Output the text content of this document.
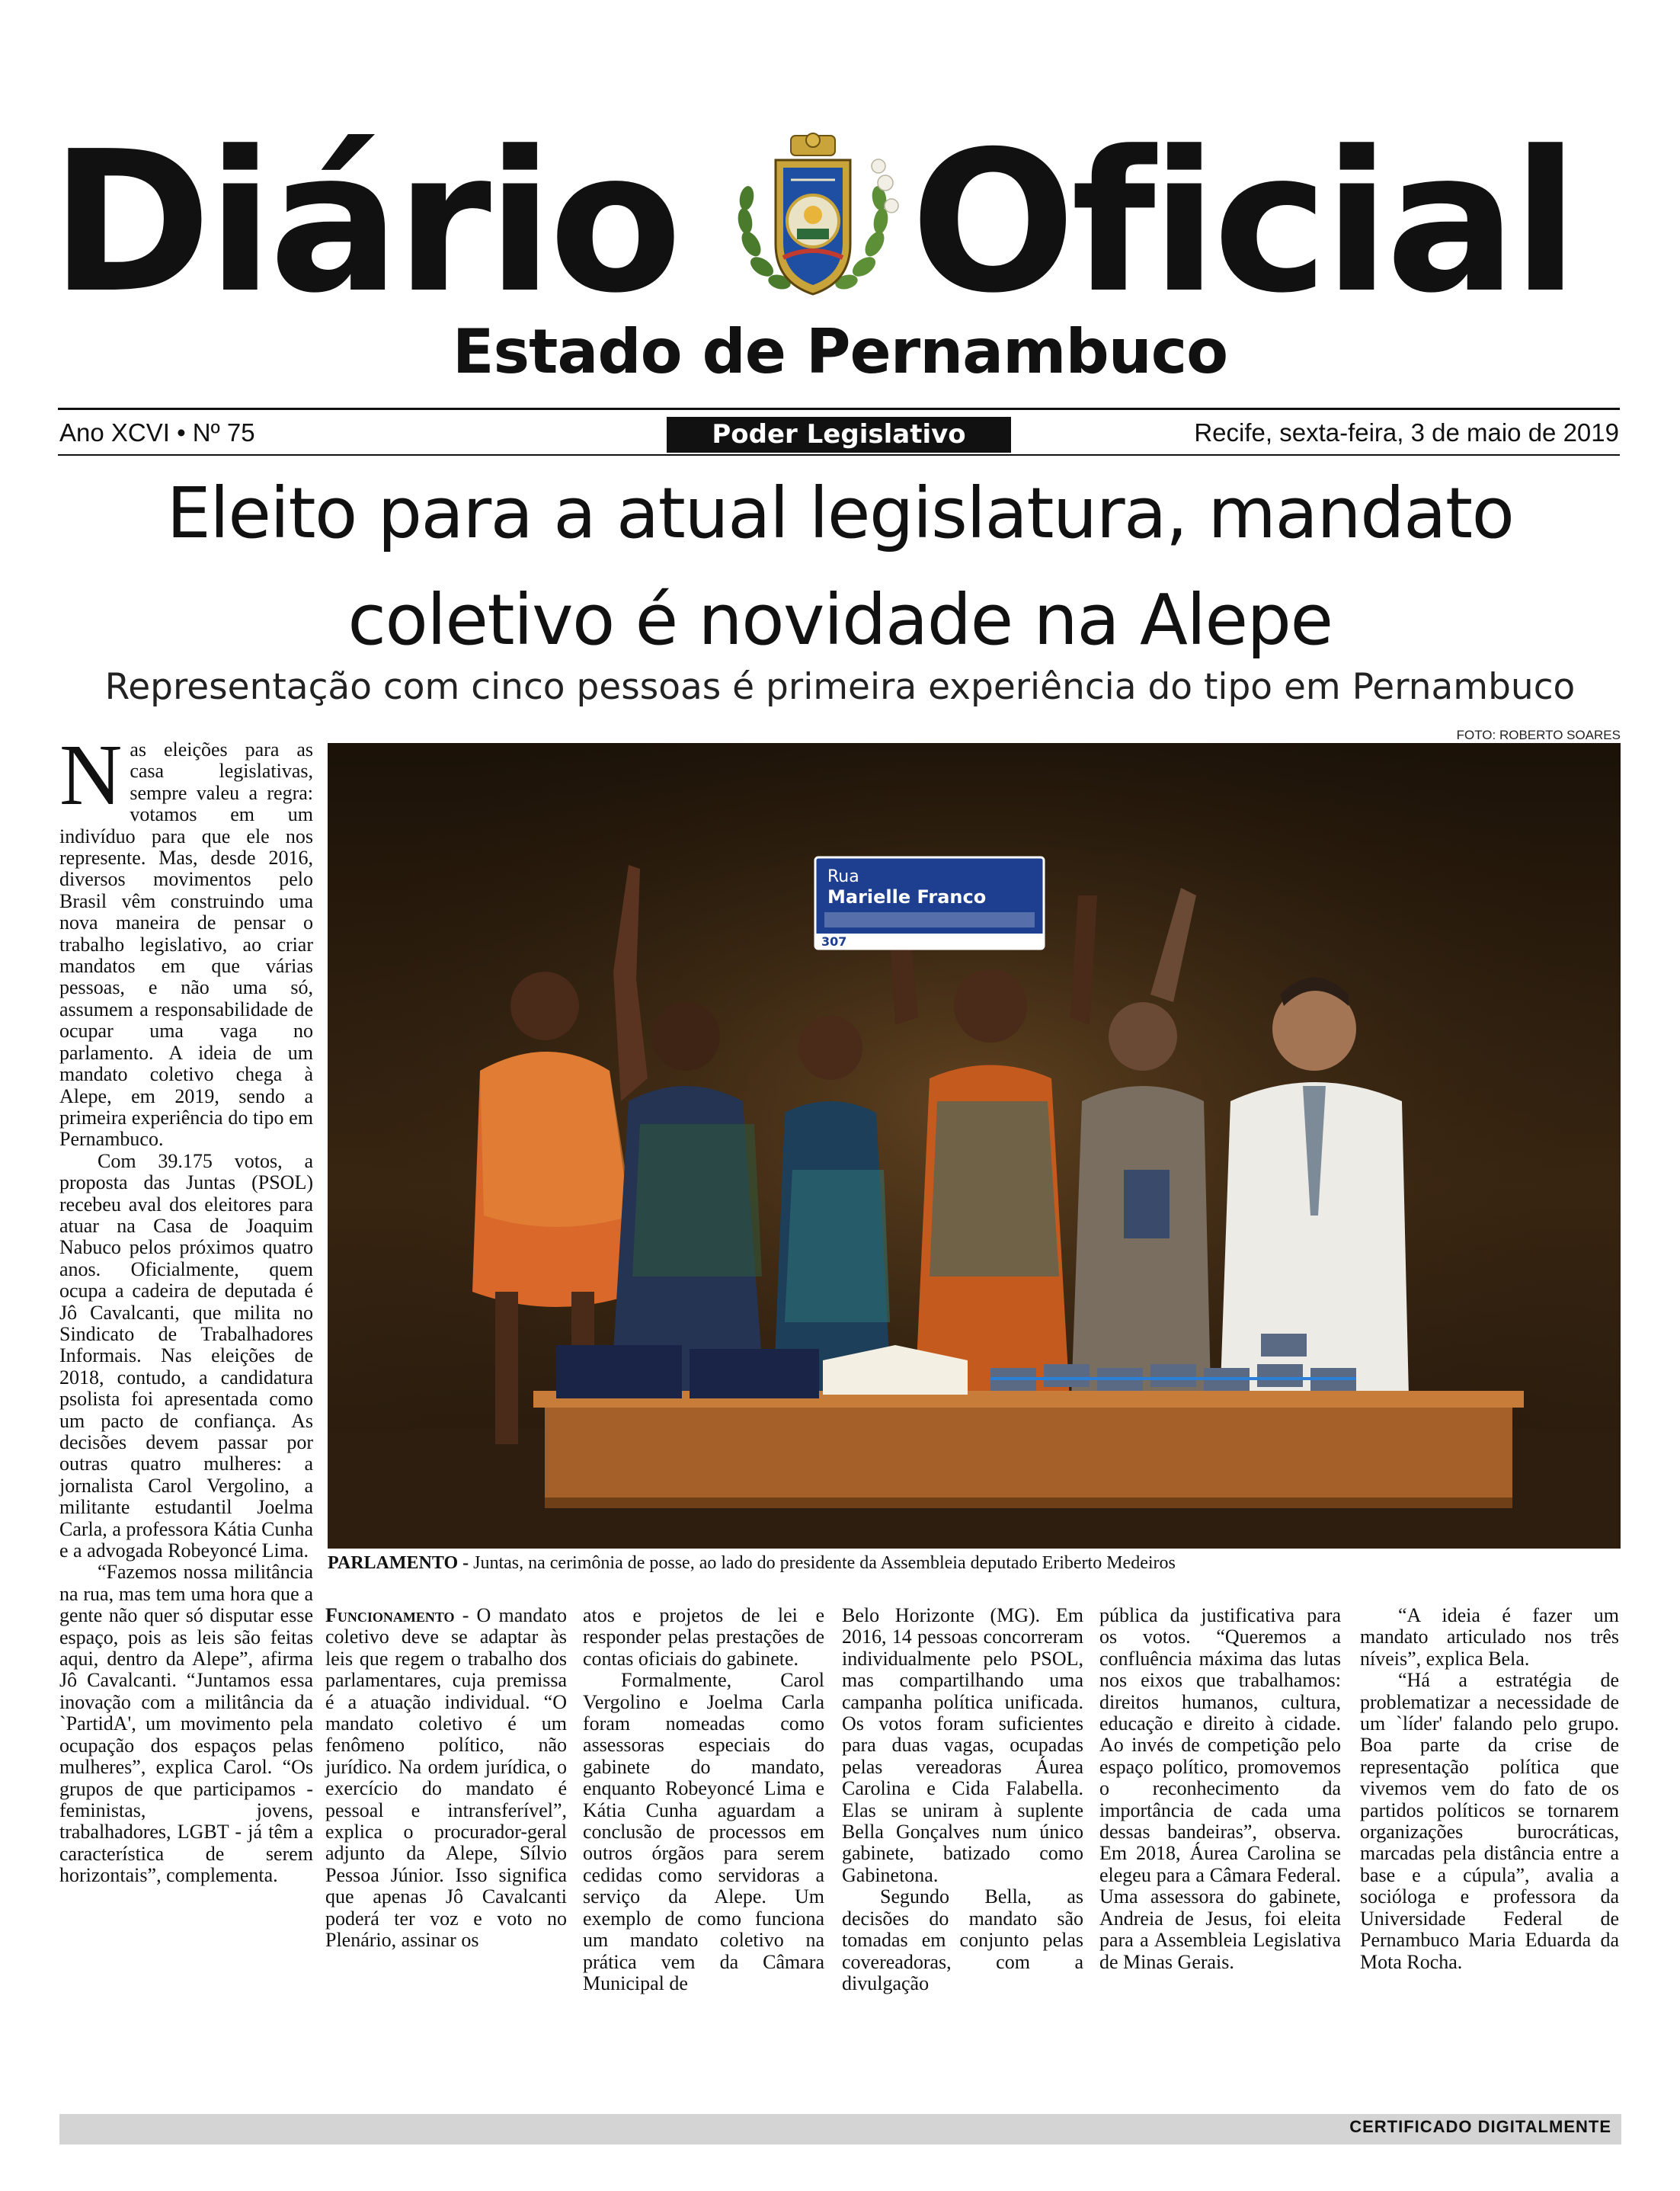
Diário Oficial
Estado de Pernambuco
Ano XCVI • Nº 75	Poder Legislativo	Recife, sexta-feira, 3 de maio de 2019
Eleito para a atual legislatura, mandato
coletivo é novidade na Alepe
Representação com cinco pessoas é primeira experiência do tipo em Pernambuco
FOTO: ROBERTO SOARES
Rua
Marielle Franco
307
PARLAMENTO - Juntas, na cerimônia de posse, ao lado do presidente da Assembleia deputado Eriberto Medeiros

Nas eleições para as casa legislativas, sempre valeu a regra: votamos em um indivíduo para que ele nos represente. Mas, desde 2016, diversos movimentos pelo Brasil vêm construindo uma nova maneira de pensar o trabalho legislativo, ao criar mandatos em que várias pessoas, e não uma só, assumem a responsabilidade de ocupar uma vaga no parlamento. A ideia de um mandato coletivo chega à Alepe, em 2019, sendo a primeira experiência do tipo em Pernambuco.

Com 39.175 votos, a proposta das Juntas (PSOL) recebeu aval dos eleitores para atuar na Casa de Joaquim Nabuco pelos próximos quatro anos. Oficialmente, quem ocupa a cadeira de deputada é Jô Cavalcanti, que milita no Sindicato de Trabalhadores Informais. Nas eleições de 2018, contudo, a candidatura psolista foi apresentada como um pacto de confiança. As decisões devem passar por outras quatro mulheres: a jornalista Carol Vergolino, a militante estudantil Joelma Carla, a professora Kátia Cunha e a advogada Robeyoncé Lima.

“Fazemos nossa militância na rua, mas tem uma hora que a gente não quer só disputar esse espaço, pois as leis são feitas aqui, dentro da Alepe”, afirma Jô Cavalcanti. “Juntamos essa inovação com a militância da `PartidA', um movimento pela ocupação dos espaços pelas mulheres”, explica Carol. “Os grupos de que participamos - feministas, jovens, trabalhadores, LGBT - já têm a característica de serem horizontais”, complementa.

Funcionamento - O mandato coletivo deve se adaptar às leis que regem o trabalho dos parlamentares, cuja premissa é a atuação individual. “O mandato coletivo é um fenômeno político, não jurídico. Na ordem jurídica, o exercício do mandato é pessoal e intransferível”, explica o procurador-geral adjunto da Alepe, Sílvio Pessoa Júnior. Isso significa que apenas Jô Cavalcanti poderá ter voz e voto no Plenário, assinar os

atos e projetos de lei e responder pelas prestações de contas oficiais do gabinete.

Formalmente, Carol Vergolino e Joelma Carla foram nomeadas como assessoras especiais do gabinete do mandato, enquanto Robeyoncé Lima e Kátia Cunha aguardam a conclusão de processos em outros órgãos para serem cedidas como servidoras a serviço da Alepe. Um exemplo de como funciona um mandato coletivo na prática vem da Câmara Municipal de

Belo Horizonte (MG). Em 2016, 14 pessoas concorreram individualmente pelo PSOL, mas compartilhando uma campanha política unificada. Os votos foram suficientes para duas vagas, ocupadas pelas vereadoras Áurea Carolina e Cida Falabella. Elas se uniram à suplente Bella Gonçalves num único gabinete, batizado como Gabinetona.

Segundo Bella, as decisões do mandato são tomadas em conjunto pelas covereadoras, com a divulgação

pública da justificativa para os votos. “Queremos a confluência máxima das lutas nos eixos que trabalhamos: direitos humanos, cultura, educação e direito à cidade. Ao invés de competição pelo espaço político, promovemos o reconhecimento da importância de cada uma dessas bandeiras”, observa. Em 2018, Áurea Carolina se elegeu para a Câmara Federal. Uma assessora do gabinete, Andreia de Jesus, foi eleita para a Assembleia Legislativa de Minas Gerais.

“A ideia é fazer um mandato articulado nos três níveis”, explica Bela.

“Há a estratégia de problematizar a necessidade de um `líder' falando pelo grupo. Boa parte da crise de representação política que vivemos vem do fato de os partidos políticos se tornarem organizações burocráticas, marcadas pela distância entre a base e a cúpula”, avalia a socióloga e professora da Universidade Federal de Pernambuco Maria Eduarda da Mota Rocha.

CERTIFICADO DIGITALMENTE
